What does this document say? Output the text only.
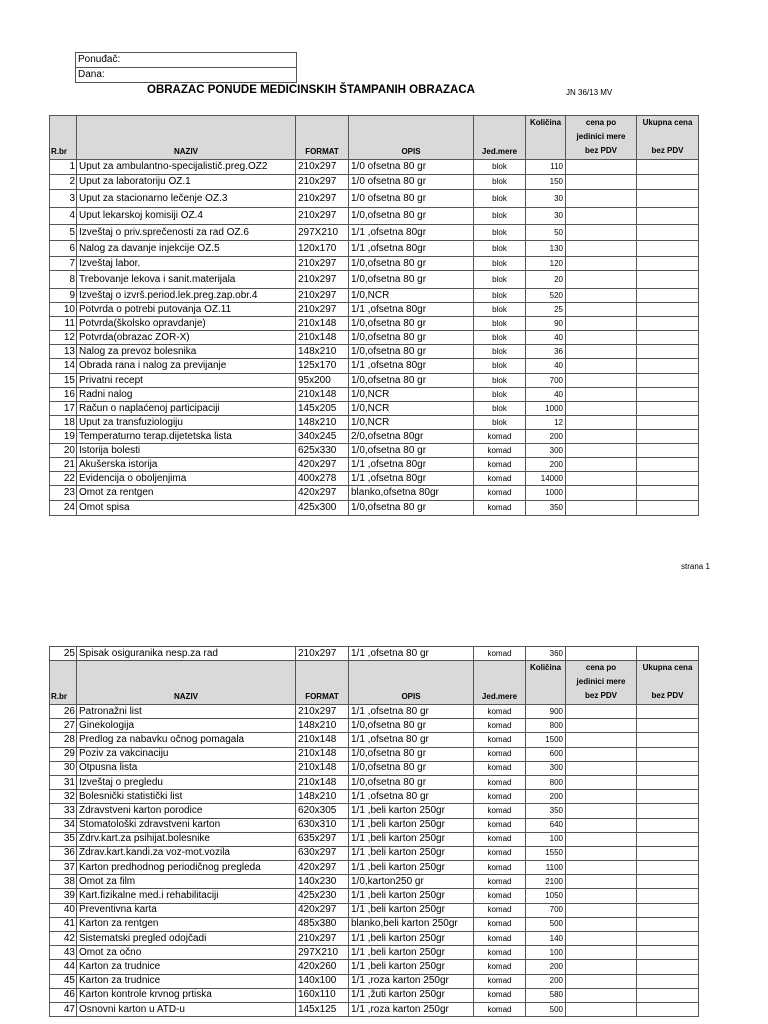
Ponuđač:
Dana:
OBRAZAC PONUDE MEDICINSKIH ŠTAMPANIH OBRAZACA	JN 36/13 MV
R.br	NAZIV	FORMAT	OPIS	Jed.mere	Količina	cena po
jedinici mere
bez PDV	Ukupna cena
bez PDV

1	Uput za ambulantno-specijalistič.preg.OZ2	210x297	1/0 ofsetna 80 gr	blok	110		
2	Uput za laboratoriju OZ.1	210x297	1/0 ofsetna 80 gr	blok	150		
3	Uput za stacionarno lečenje OZ.3	210x297	1/0 ofsetna 80 gr	blok	30		
4	Uput lekarskoj komisiji OZ.4	210x297	1/0,ofsetna 80 gr	blok	30		
5	Izveštaj o priv.sprečenosti za rad OZ.6	297X210	1/1 ,ofsetna 80gr	blok	50		
6	Nalog za davanje injekcije OZ.5	120x170	1/1 ,ofsetna 80gr	blok	130		
7	Izveštaj labor.	210x297	1/0,ofsetna 80 gr	blok	120		
8	Trebovanje lekova i sanit.materijala	210x297	1/0,ofsetna 80 gr	blok	20		
9	Izveštaj o izvrš.period.lek.preg.zap.obr.4	210x297	1/0,NCR	blok	520		
10	Potvrda o potrebi putovanja OZ.11	210x297	1/1 ,ofsetna 80gr	blok	25		
11	Potvrda(školsko opravdanje)	210x148	1/0,ofsetna 80 gr	blok	90		
12	Potvrda(obrazac ZOR-X)	210x148	1/0,ofsetna 80 gr	blok	40		
13	Nalog za prevoz bolesnika	148x210	1/0,ofsetna 80 gr	blok	36		
14	Obrada rana i nalog za previjanje	125x170	1/1 ,ofsetna 80gr	blok	40		
15	Privatni recept	95x200	1/0,ofsetna 80 gr	blok	700		
16	Radni nalog	210x148	1/0,NCR	blok	40		
17	Račun o naplaćenoj participaciji	145x205	1/0,NCR	blok	1000		
18	Uput za transfuziologiju	148x210	1/0,NCR	blok	12		
19	Temperaturno terap.dijetetska lista	340x245	2/0,ofsetna 80gr	komad	200		
20	Istorija bolesti	625x330	1/0,ofsetna 80 gr	komad	300		
21	Akušerska istorija	420x297	1/1 ,ofsetna 80gr	komad	200		
22	Evidencija o oboljenjima	400x278	1/1 ,ofsetna 80gr	komad	14000		
23	Omot za rentgen	420x297	blanko,ofsetna 80gr	komad	1000		
24	Omot spisa	425x300	1/0,ofsetna 80 gr	komad	350		
strana 1
25	Spisak osiguranika nesp.za rad	210x297	1/1 ,ofsetna 80 gr	komad	360		
R.br	NAZIV	FORMAT	OPIS	Jed.mere	Količina	cena po
jedinici mere
bez PDV	Ukupna cena
bez PDV

26	Patronažni list	210x297	1/1 ,ofsetna 80 gr	komad	900		
27	Ginekologija	148x210	1/0,ofsetna 80 gr	komad	800		
28	Predlog za nabavku očnog pomagala	210x148	1/1 ,ofsetna 80 gr	komad	1500		
29	Poziv za vakcinaciju	210x148	1/0,ofsetna 80 gr	komad	600		
30	Otpusna lista	210x148	1/0,ofsetna 80 gr	komad	300		
31	Izveštaj o pregledu	210x148	1/0,ofsetna 80 gr	komad	800		
32	Bolesnički statistički list	148x210	1/1 ,ofsetna 80 gr	komad	200		
33	Zdravstveni karton porodice	620x305	1/1 ,beli karton 250gr	komad	350		
34	Stomatološki zdravstveni karton	630x310	1/1 ,beli karton 250gr	komad	640		
35	Zdrv.kart.za psihijat.bolesnike	635x297	1/1 ,beli karton 250gr	komad	100		
36	Zdrav.kart.kandi.za voz-mot.vozila	630x297	1/1 ,beli karton 250gr	komad	1550		
37	Karton predhodnog periodičnog pregleda	420x297	1/1 ,beli karton 250gr	komad	1100		
38	Omot za film	140x230	1/0,karton250 gr	komad	2100		
39	Kart.fizikalne med.i rehabilitaciji	425x230	1/1 ,beli karton 250gr	komad	1050		
40	Preventivna karta	420x297	1/1 ,beli karton 250gr	komad	700		
41	Karton za rentgen	485x380	blanko,beli karton 250gr	komad	500		
42	Sistematski pregled odojčadi	210x297	1/1 ,beli karton 250gr	komad	140		
43	Omot za očno	297X210	1/1 ,beli karton 250gr	komad	100		
44	Karton za trudnice	420x260	1/1 ,beli karton 250gr	komad	200		
45	Karton za trudnice	140x100	1/1 ,roza karton 250gr	komad	200		
46	Karton kontrole krvnog prtiska	160x110	1/1 ,žuti karton 250gr	komad	580		
47	Osnovni karton u ATD-u	145x125	1/1 ,roza karton 250gr	komad	500		
